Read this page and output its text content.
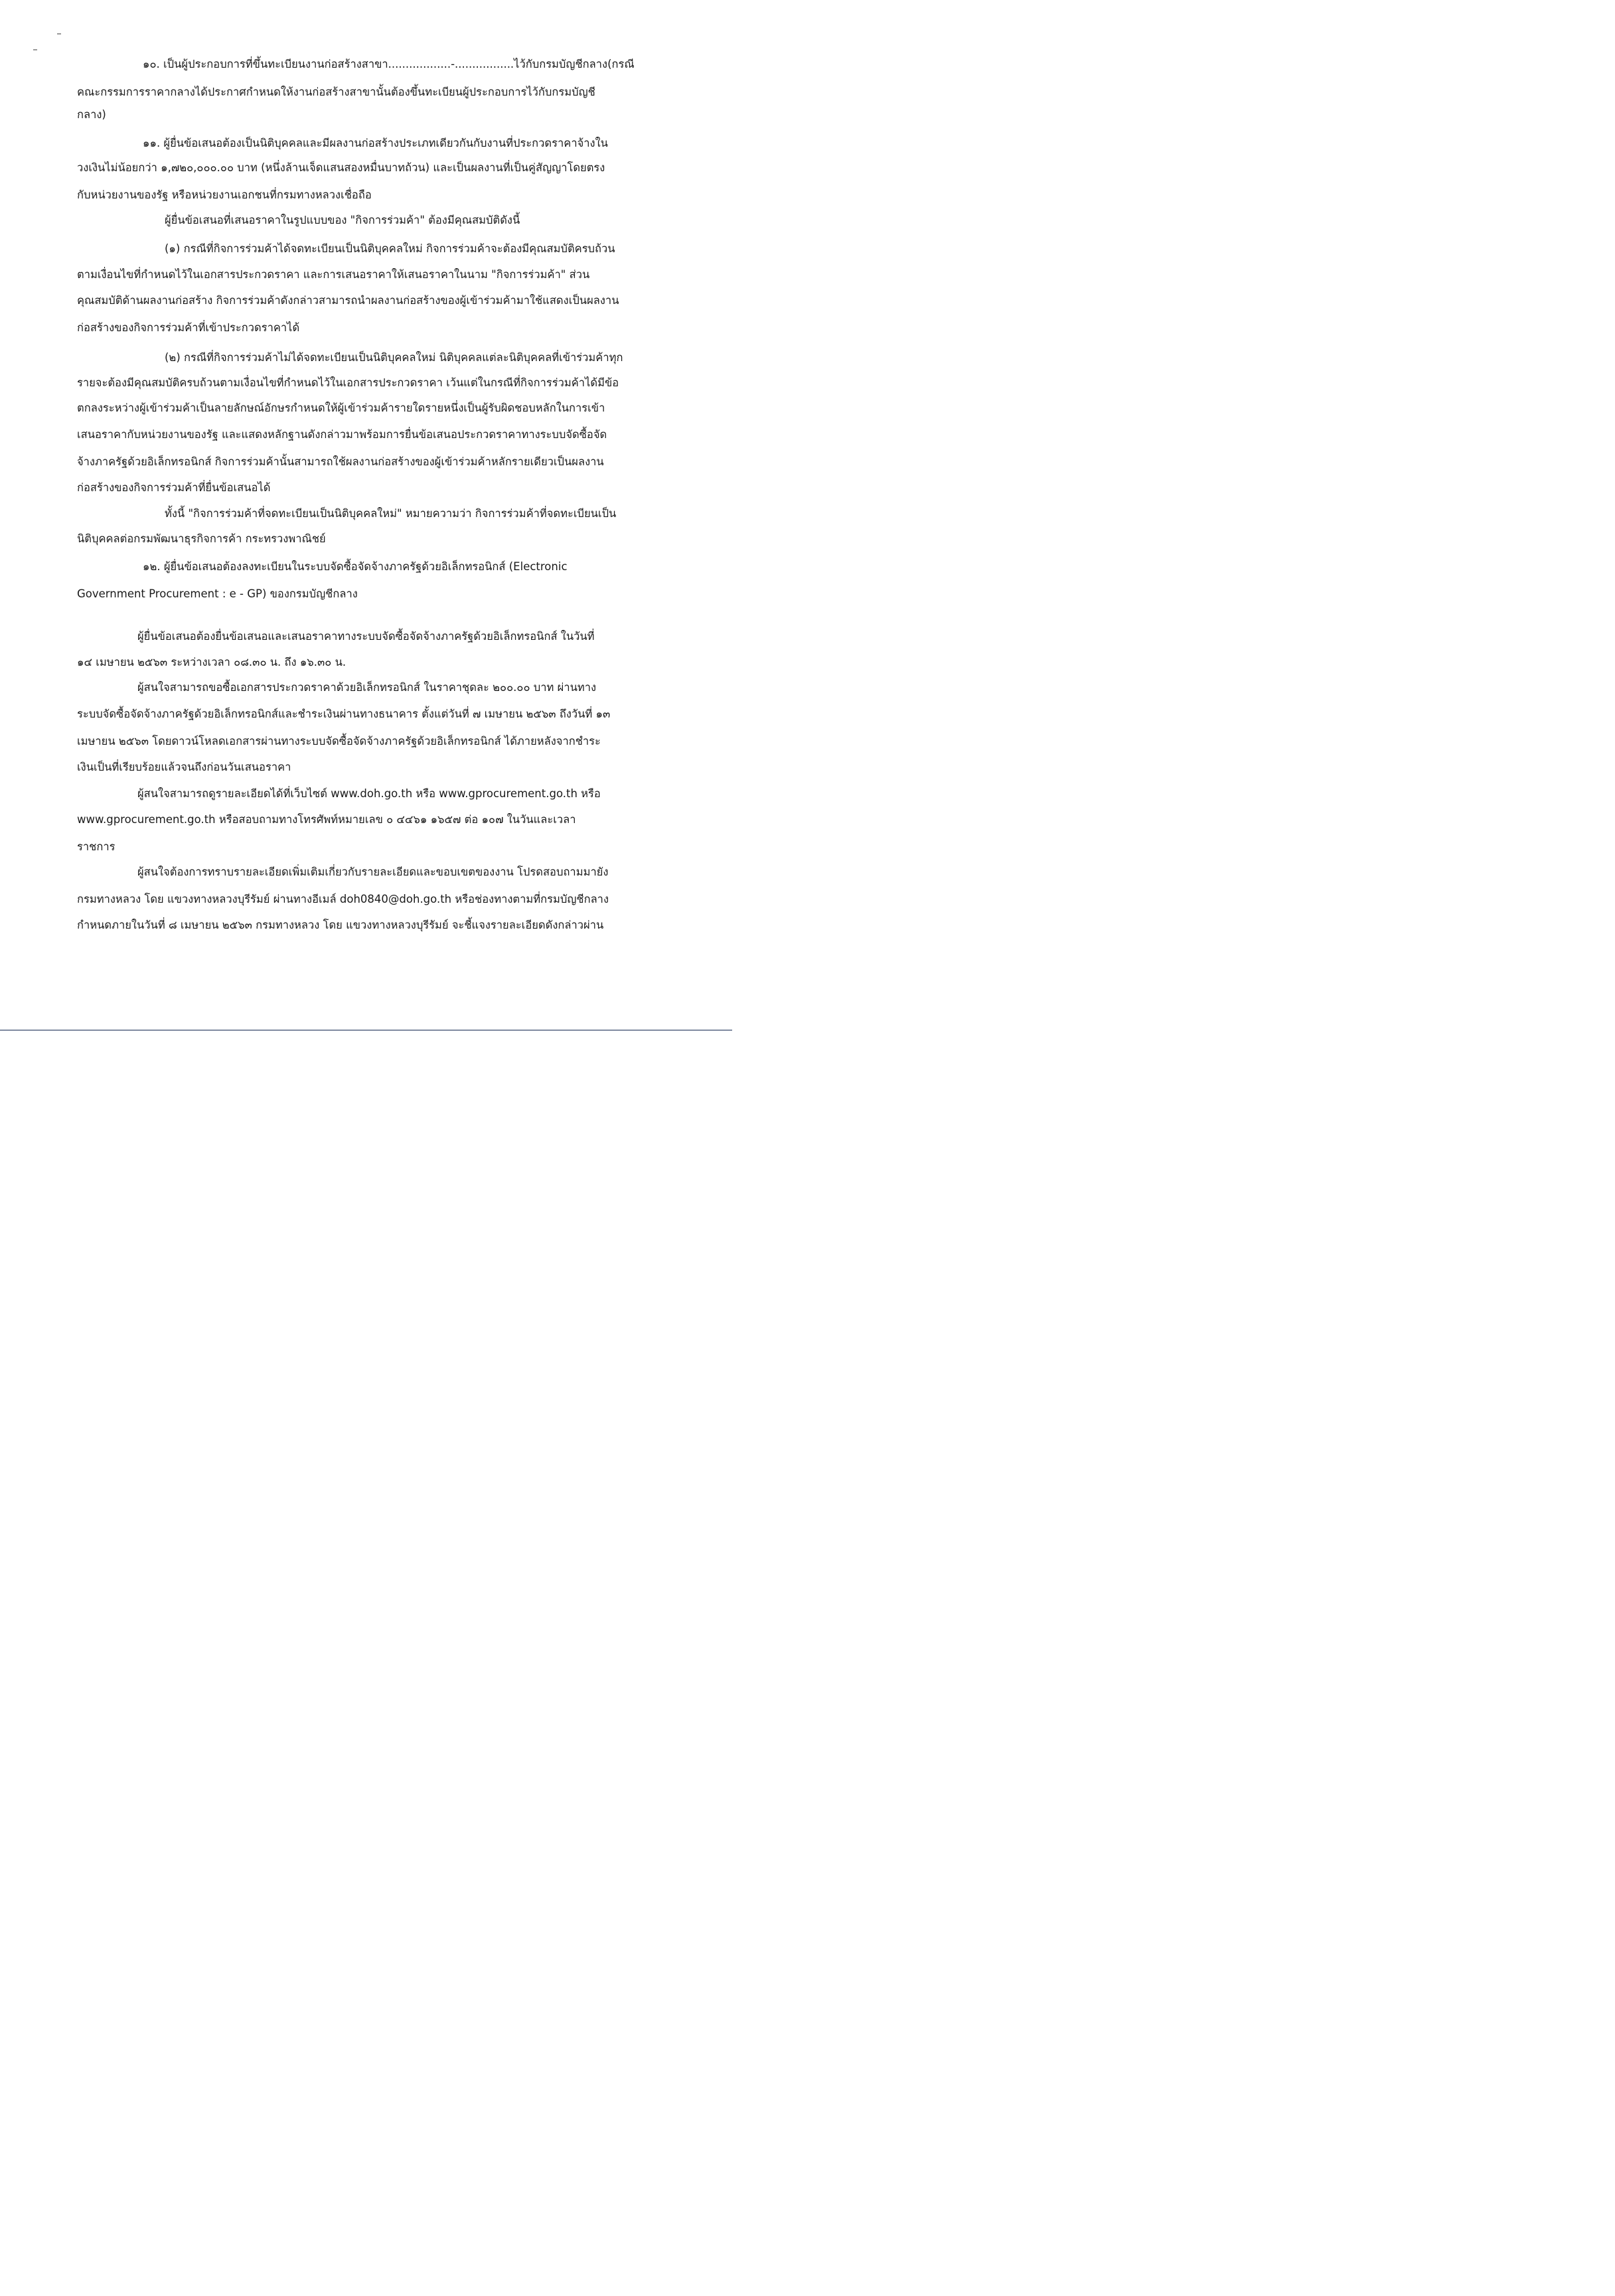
๑๐. เป็นผู้ประกอบการที่ขึ้นทะเบียนงานก่อสร้างสาขา..................-.................ไว้กับกรมบัญชีกลาง(กรณี
คณะกรรมการราคากลางได้ประกาศกำหนดให้งานก่อสร้างสาขานั้นต้องขึ้นทะเบียนผู้ประกอบการไว้กับกรมบัญชี
กลาง)
๑๑. ผู้ยื่นข้อเสนอต้องเป็นนิติบุคคลและมีผลงานก่อสร้างประเภทเดียวกันกับงานที่ประกวดราคาจ้างใน
วงเงินไม่น้อยกว่า ๑,๗๒๐,๐๐๐.๐๐ บาท (หนึ่งล้านเจ็ดแสนสองหมื่นบาทถ้วน) และเป็นผลงานที่เป็นคู่สัญญาโดยตรง
กับหน่วยงานของรัฐ หรือหน่วยงานเอกชนที่กรมทางหลวงเชื่อถือ
ผู้ยื่นข้อเสนอที่เสนอราคาในรูปแบบของ "กิจการร่วมค้า" ต้องมีคุณสมบัติดังนี้
(๑) กรณีที่กิจการร่วมค้าได้จดทะเบียนเป็นนิติบุคคลใหม่ กิจการร่วมค้าจะต้องมีคุณสมบัติครบถ้วน
ตามเงื่อนไขที่กำหนดไว้ในเอกสารประกวดราคา และการเสนอราคาให้เสนอราคาในนาม "กิจการร่วมค้า" ส่วน
คุณสมบัติด้านผลงานก่อสร้าง กิจการร่วมค้าดังกล่าวสามารถนำผลงานก่อสร้างของผู้เข้าร่วมค้ามาใช้แสดงเป็นผลงาน
ก่อสร้างของกิจการร่วมค้าที่เข้าประกวดราคาได้
(๒) กรณีที่กิจการร่วมค้าไม่ได้จดทะเบียนเป็นนิติบุคคลใหม่ นิติบุคคลแต่ละนิติบุคคลที่เข้าร่วมค้าทุก
รายจะต้องมีคุณสมบัติครบถ้วนตามเงื่อนไขที่กำหนดไว้ในเอกสารประกวดราคา เว้นแต่ในกรณีที่กิจการร่วมค้าได้มีข้อ
ตกลงระหว่างผู้เข้าร่วมค้าเป็นลายลักษณ์อักษรกำหนดให้ผู้เข้าร่วมค้ารายใดรายหนึ่งเป็นผู้รับผิดชอบหลักในการเข้า
เสนอราคากับหน่วยงานของรัฐ และแสดงหลักฐานดังกล่าวมาพร้อมการยื่นข้อเสนอประกวดราคาทางระบบจัดซื้อจัด
จ้างภาครัฐด้วยอิเล็กทรอนิกส์ กิจการร่วมค้านั้นสามารถใช้ผลงานก่อสร้างของผู้เข้าร่วมค้าหลักรายเดียวเป็นผลงาน
ก่อสร้างของกิจการร่วมค้าที่ยื่นข้อเสนอได้
ทั้งนี้ "กิจการร่วมค้าที่จดทะเบียนเป็นนิติบุคคลใหม่" หมายความว่า กิจการร่วมค้าที่จดทะเบียนเป็น
นิติบุคคลต่อกรมพัฒนาธุรกิจการค้า กระทรวงพาณิชย์
๑๒. ผู้ยื่นข้อเสนอต้องลงทะเบียนในระบบจัดซื้อจัดจ้างภาครัฐด้วยอิเล็กทรอนิกส์ (Electronic
Government Procurement : e - GP) ของกรมบัญชีกลาง
ผู้ยื่นข้อเสนอต้องยื่นข้อเสนอและเสนอราคาทางระบบจัดซื้อจัดจ้างภาครัฐด้วยอิเล็กทรอนิกส์ ในวันที่
๑๔ เมษายน ๒๕๖๓ ระหว่างเวลา ๐๘.๓๐ น. ถึง ๑๖.๓๐ น.
ผู้สนใจสามารถขอซื้อเอกสารประกวดราคาด้วยอิเล็กทรอนิกส์ ในราคาชุดละ ๒๐๐.๐๐ บาท ผ่านทาง
ระบบจัดซื้อจัดจ้างภาครัฐด้วยอิเล็กทรอนิกส์และชำระเงินผ่านทางธนาคาร ตั้งแต่วันที่ ๗ เมษายน ๒๕๖๓ ถึงวันที่ ๑๓
เมษายน ๒๕๖๓ โดยดาวน์โหลดเอกสารผ่านทางระบบจัดซื้อจัดจ้างภาครัฐด้วยอิเล็กทรอนิกส์ ได้ภายหลังจากชำระ
เงินเป็นที่เรียบร้อยแล้วจนถึงก่อนวันเสนอราคา
ผู้สนใจสามารถดูรายละเอียดได้ที่เว็บไซต์ www.doh.go.th หรือ www.gprocurement.go.th หรือ
www.gprocurement.go.th หรือสอบถามทางโทรศัพท์หมายเลข ๐ ๔๔๖๑ ๑๖๕๗ ต่อ ๑๐๗ ในวันและเวลา
ราชการ
ผู้สนใจต้องการทราบรายละเอียดเพิ่มเติมเกี่ยวกับรายละเอียดและขอบเขตของงาน โปรดสอบถามมายัง
กรมทางหลวง โดย แขวงทางหลวงบุรีรัมย์ ผ่านทางอีเมล์ doh0840@doh.go.th หรือช่องทางตามที่กรมบัญชีกลาง
กำหนดภายในวันที่ ๘ เมษายน ๒๕๖๓ กรมทางหลวง โดย แขวงทางหลวงบุรีรัมย์ จะชี้แจงรายละเอียดดังกล่าวผ่าน
